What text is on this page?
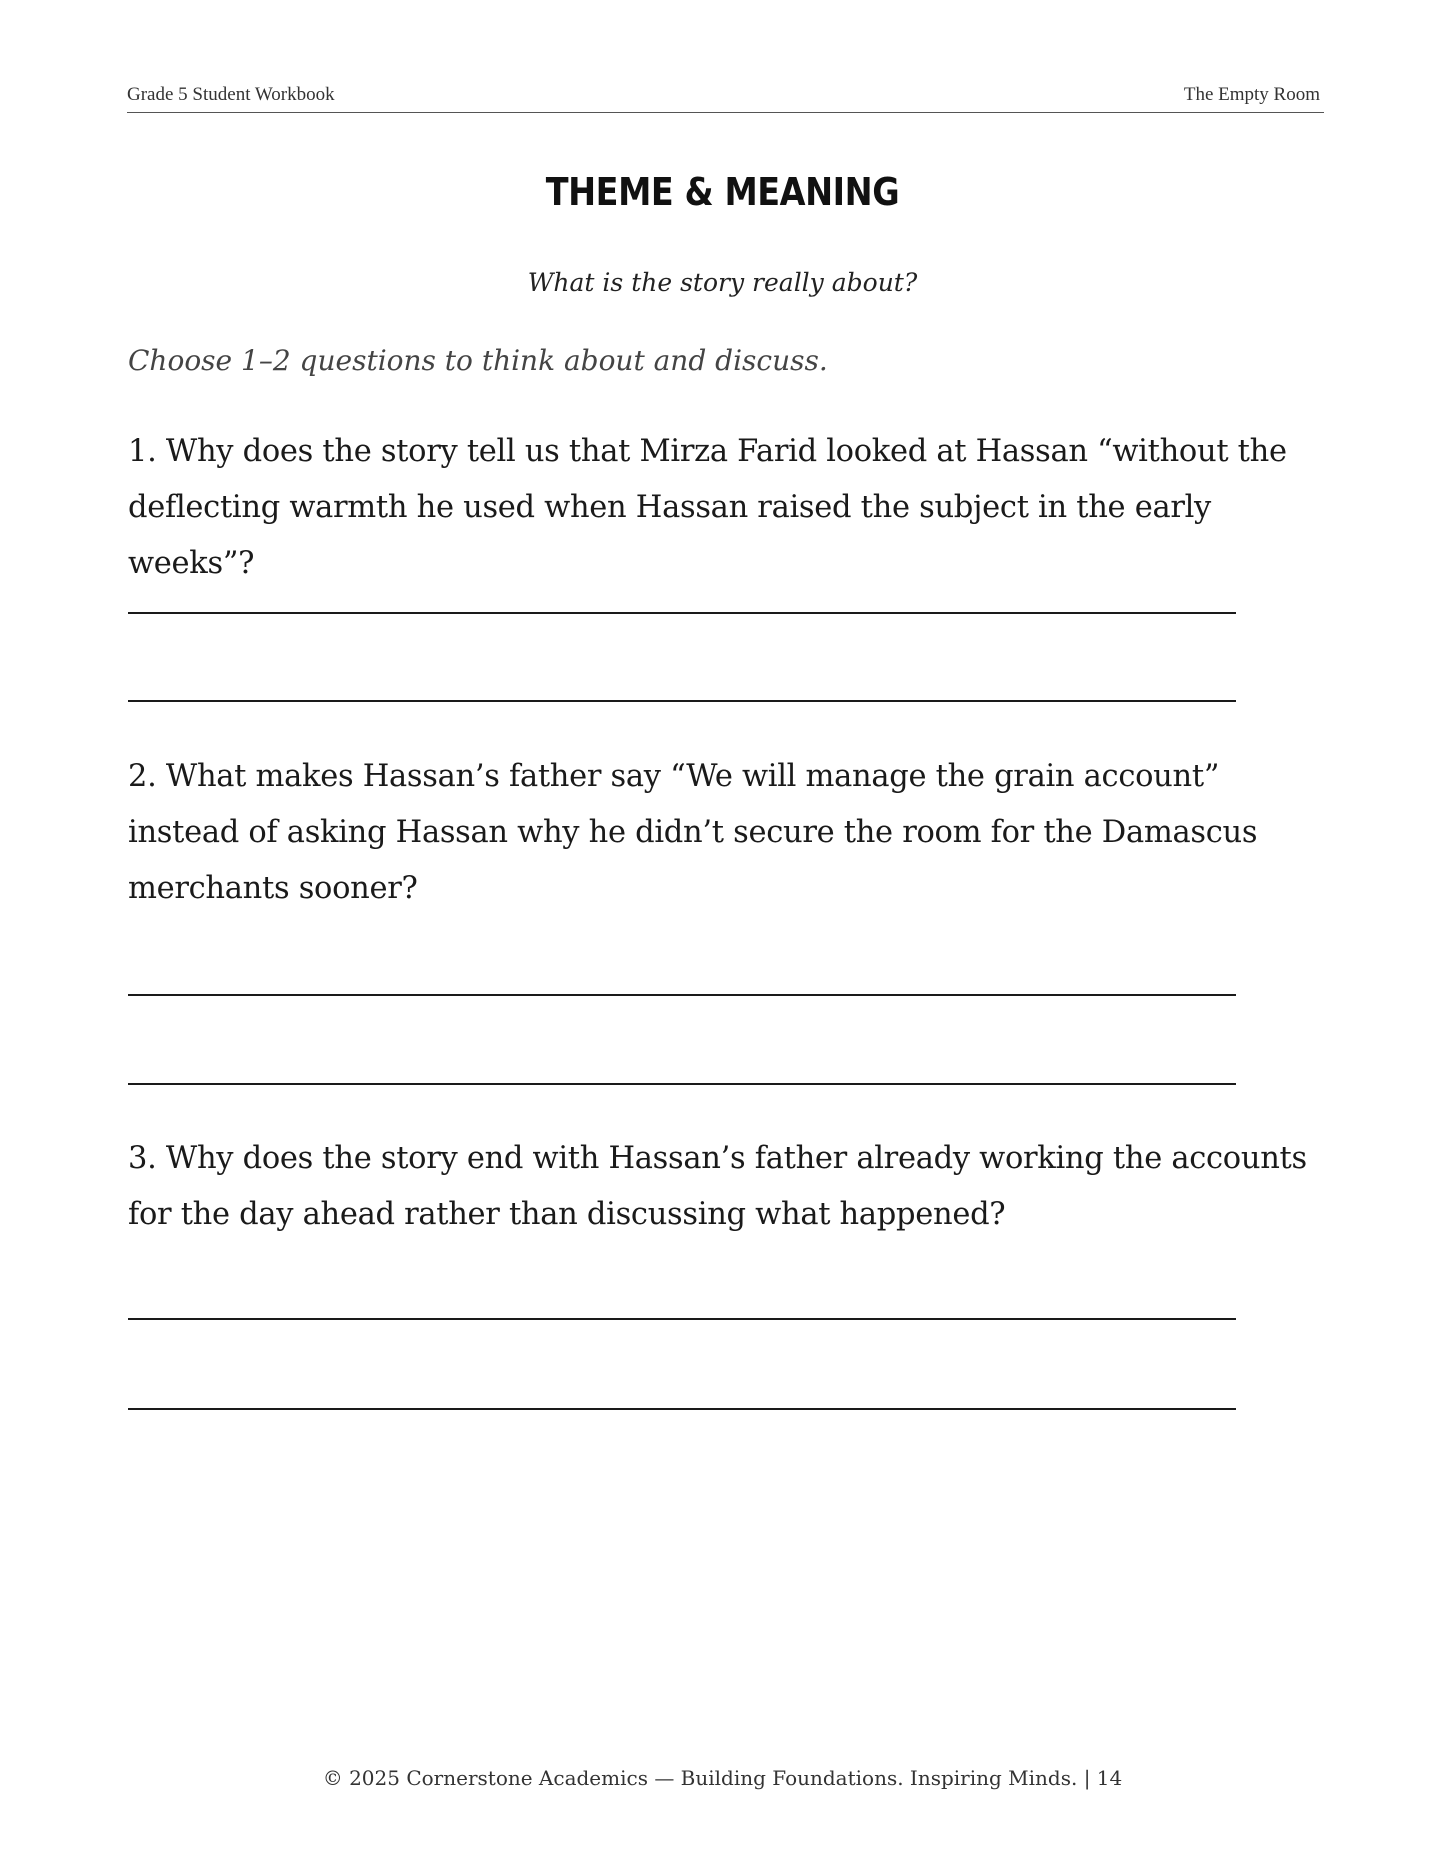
Grade 5 Student Workbook	The Empty Room
THEME & MEANING
What is the story really about?
Choose 1–2 questions to think about and discuss.
1. Why does the story tell us that Mirza Farid looked at Hassan “without the deflecting warmth he used when Hassan raised the subject in the early weeks”?
2. What makes Hassan’s father say “We will manage the grain account” instead of asking Hassan why he didn’t secure the room for the Damascus merchants sooner?
3. Why does the story end with Hassan’s father already working the accounts for the day ahead rather than discussing what happened?
© 2025 Cornerstone Academics — Building Foundations. Inspiring Minds. | 14
